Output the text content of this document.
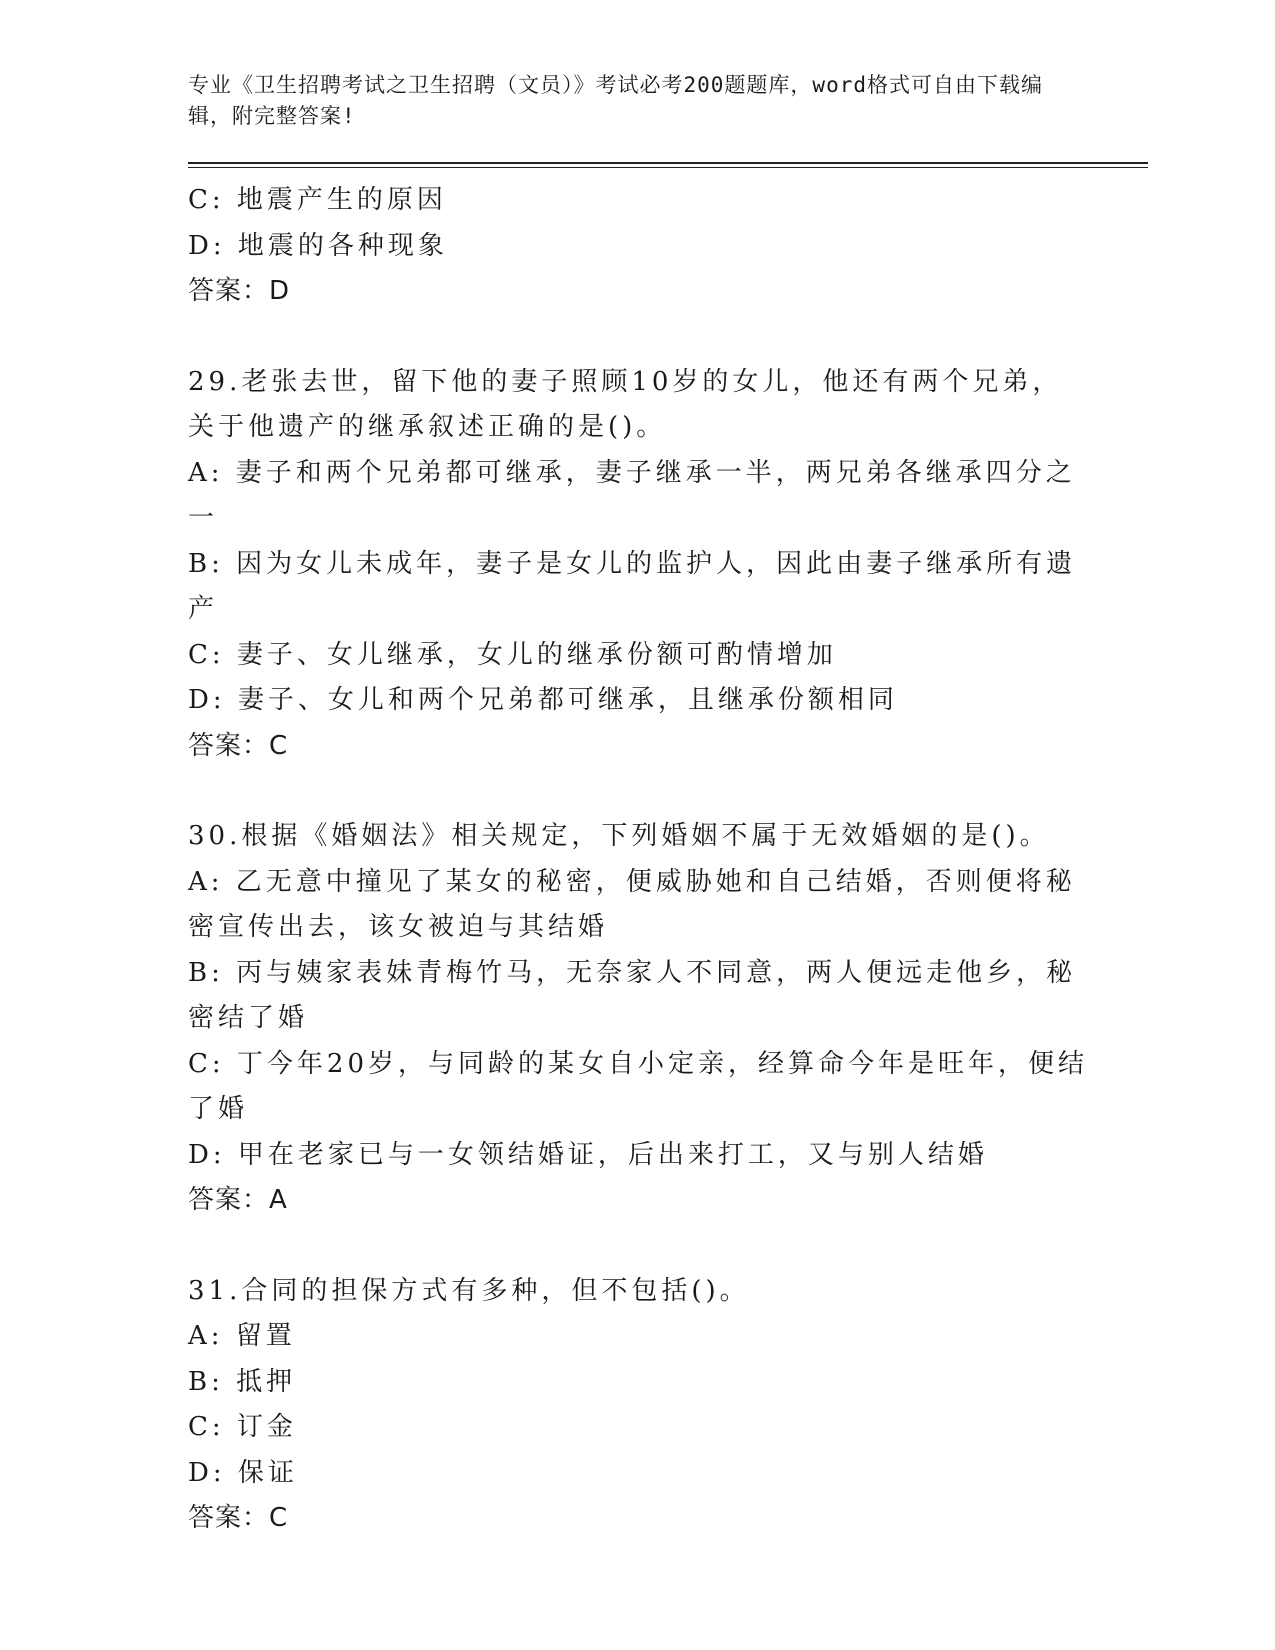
专业《卫生招聘考试之卫生招聘（文员）》考试必考200题题库，word格式可自由下载编辑，附完整答案!

C: 地震产生的原因

D: 地震的各种现象

答案：D

29.老张去世，留下他的妻子照顾10岁的女儿，他还有两个兄弟，关于他遗产的继承叙述正确的是()。

A: 妻子和两个兄弟都可继承，妻子继承一半，两兄弟各继承四分之一

B: 因为女儿未成年，妻子是女儿的监护人，因此由妻子继承所有遗产

C: 妻子、女儿继承，女儿的继承份额可酌情增加

D: 妻子、女儿和两个兄弟都可继承，且继承份额相同

答案：C

30.根据《婚姻法》相关规定，下列婚姻不属于无效婚姻的是()。

A: 乙无意中撞见了某女的秘密，便威胁她和自己结婚，否则便将秘密宣传出去，该女被迫与其结婚

B: 丙与姨家表妹青梅竹马，无奈家人不同意，两人便远走他乡，秘密结了婚

C: 丁今年20岁，与同龄的某女自小定亲，经算命今年是旺年，便结了婚

D: 甲在老家已与一女领结婚证，后出来打工，又与别人结婚

答案：A

31.合同的担保方式有多种，但不包括()。

A: 留置

B: 抵押

C: 订金

D: 保证

答案：C
